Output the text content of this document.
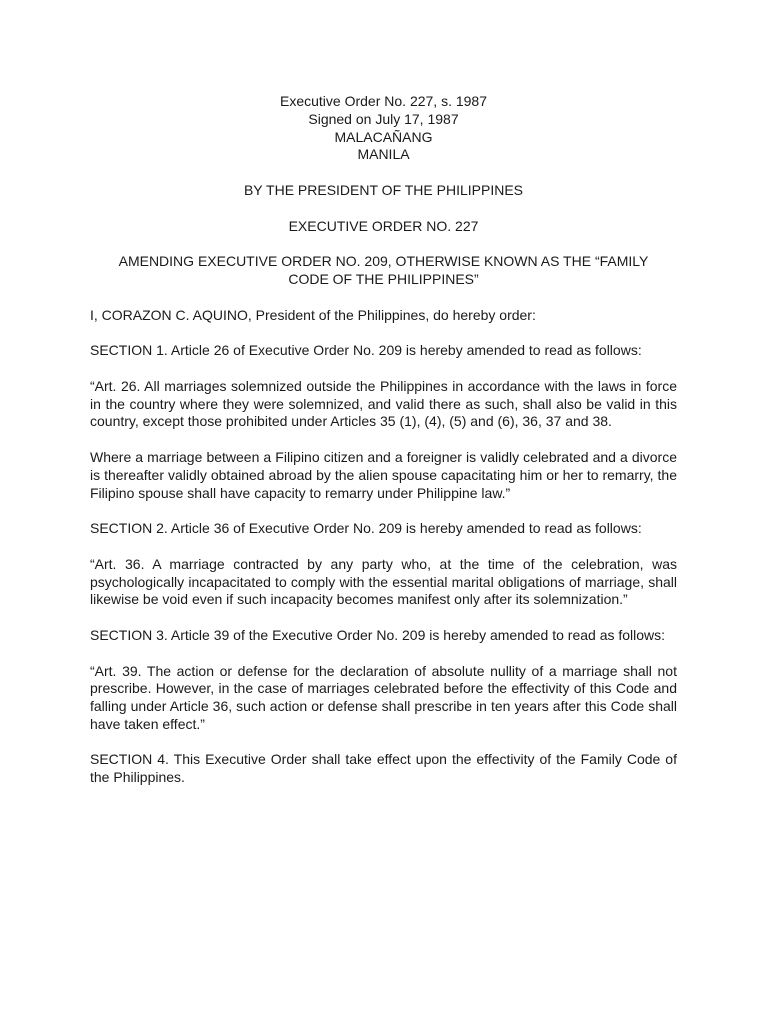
Executive Order No. 227, s. 1987
Signed on July 17, 1987
MALACAÑANG
MANILA

BY THE PRESIDENT OF THE PHILIPPINES

EXECUTIVE ORDER NO. 227

AMENDING EXECUTIVE ORDER NO. 209, OTHERWISE KNOWN AS THE “FAMILY
CODE OF THE PHILIPPINES”

I, CORAZON C. AQUINO, President of the Philippines, do hereby order:

SECTION 1. Article 26 of Executive Order No. 209 is hereby amended to read as follows:

“Art. 26. All marriages solemnized outside the Philippines in accordance with the laws in force in the country where they were solemnized, and valid there as such, shall also be valid in this country, except those prohibited under Articles 35 (1), (4), (5) and (6), 36, 37 and 38.

Where a marriage between a Filipino citizen and a foreigner is validly celebrated and a divorce is thereafter validly obtained abroad by the alien spouse capacitating him or her to remarry, the Filipino spouse shall have capacity to remarry under Philippine law.”

SECTION 2. Article 36 of Executive Order No. 209 is hereby amended to read as follows:

“Art. 36. A marriage contracted by any party who, at the time of the celebration, was psychologically incapacitated to comply with the essential marital obligations of marriage, shall likewise be void even if such incapacity becomes manifest only after its solemnization.”

SECTION 3. Article 39 of the Executive Order No. 209 is hereby amended to read as follows:

“Art. 39. The action or defense for the declaration of absolute nullity of a marriage shall not prescribe. However, in the case of marriages celebrated before the effectivity of this Code and falling under Article 36, such action or defense shall prescribe in ten years after this Code shall have taken effect.”

SECTION 4. This Executive Order shall take effect upon the effectivity of the Family Code of the Philippines.
